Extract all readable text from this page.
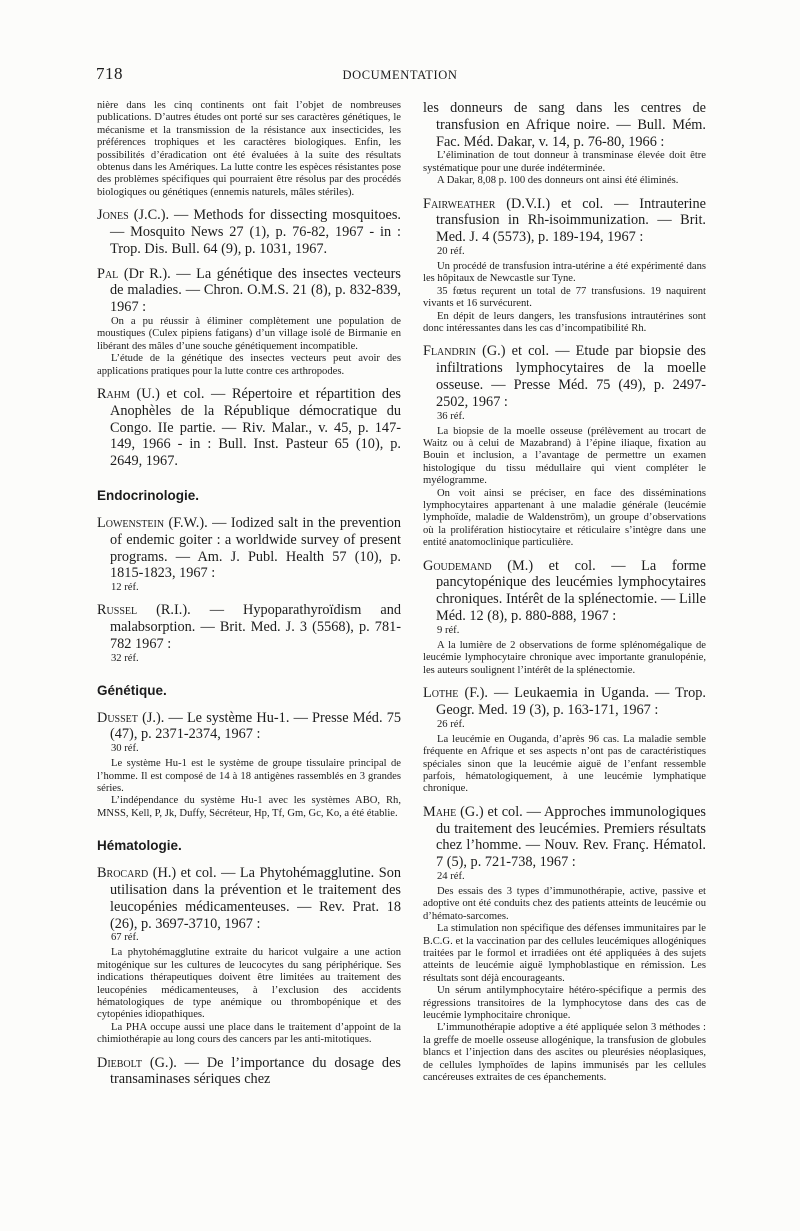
718	DOCUMENTATION

nière dans les cinq continents ont fait l’objet de nombreuses publications. D’autres études ont porté sur ses caractères génétiques, le mécanisme et la transmission de la résistance aux insecticides, les préférences trophiques et les caractères biologiques. Enfin, les possibilités d’éradication ont été évaluées à la suite des résultats obtenus dans les Amériques. La lutte contre les espèces résistantes pose des problèmes spécifiques qui pourraient être résolus par des procédés biologiques ou génétiques (ennemis naturels, mâles stériles).

Jones (J.C.). — Methods for dissecting mosquitoes. — Mosquito News 27 (1), p. 76-82, 1967 - in : Trop. Dis. Bull. 64 (9), p. 1031, 1967.

Pal (Dr R.). — La génétique des insectes vecteurs de maladies. — Chron. O.M.S. 21 (8), p. 832-839, 1967 :

On a pu réussir à éliminer complètement une population de moustiques (Culex pipiens fatigans) d’un village isolé de Birmanie en libérant des mâles d’une souche génétiquement incompatible.

L’étude de la génétique des insectes vecteurs peut avoir des applications pratiques pour la lutte contre ces arthropodes.

Rahm (U.) et col. — Répertoire et répartition des Anophèles de la République démocratique du Congo. IIe partie. — Riv. Malar., v. 45, p. 147-149, 1966 - in : Bull. Inst. Pasteur 65 (10), p. 2649, 1967.

Endocrinologie.

Lowenstein (F.W.). — Iodized salt in the prevention of endemic goiter : a worldwide survey of present programs. — Am. J. Publ. Health 57 (10), p. 1815-1823, 1967 :

12 réf.

Russel (R.I.). — Hypoparathyroïdism and malabsorption. — Brit. Med. J. 3 (5568), p. 781-782 1967 :

32 réf.
Génétique.

Dusset (J.). — Le système Hu-1. — Presse Méd. 75 (47), p. 2371-2374, 1967 :

30 réf.

Le système Hu-1 est le système de groupe tissulaire principal de l’homme. Il est composé de 14 à 18 antigènes rassemblés en 3 grandes séries.

L’indépendance du système Hu-1 avec les systèmes ABO, Rh, MNSS, Kell, P, Jk, Duffy, Sécréteur, Hp, Tf, Gm, Gc, Ko, a été établie.

Hématologie.

Brocard (H.) et col. — La Phytohémagglutine. Son utilisation dans la prévention et le traitement des leucopénies médicamenteuses. — Rev. Prat. 18 (26), p. 3697-3710, 1967 :

67 réf.

La phytohémagglutine extraite du haricot vulgaire a une action mitogénique sur les cultures de leucocytes du sang périphérique. Ses indications thérapeutiques doivent être limitées au traitement des leucopénies médicamenteuses, à l’exclusion des accidents hématologiques de type anémique ou thrombopénique et des cytopénies idiopathiques.

La PHA occupe aussi une place dans le traitement d’appoint de la chimiothérapie au long cours des cancers par les anti-mitotiques.

Diebolt (G.). — De l’importance du dosage des transaminases sériques chez

les donneurs de sang dans les centres de transfusion en Afrique noire. — Bull. Mém. Fac. Méd. Dakar, v. 14, p. 76-80, 1966 :

L’élimination de tout donneur à transminase élevée doit être systématique pour une durée indéterminée.

A Dakar, 8,08 p. 100 des donneurs ont ainsi été éliminés.

Fairweather (D.V.I.) et col. — Intrauterine transfusion in Rh-isoimmunization. — Brit. Med. J. 4 (5573), p. 189-194, 1967 :

20 réf.

Un procédé de transfusion intra-utérine a été expérimenté dans les hôpitaux de Newcastle sur Tyne.

35 fœtus reçurent un total de 77 transfusions. 19 naquirent vivants et 16 survécurent.

En dépit de leurs dangers, les transfusions intrautérines sont donc intéressantes dans les cas d’incompatibilité Rh.

Flandrin (G.) et col. — Etude par biopsie des infiltrations lymphocytaires de la moelle osseuse. — Presse Méd. 75 (49), p. 2497-2502, 1967 :

36 réf.

La biopsie de la moelle osseuse (prélèvement au trocart de Waitz ou à celui de Mazabrand) à l’épine iliaque, fixation au Bouin et inclusion, a l’avantage de permettre un examen histologique du tissu médullaire qui vient compléter le myélogramme.

On voit ainsi se préciser, en face des disséminations lymphocytaires appartenant à une maladie générale (leucémie lymphoïde, maladie de Waldenström), un groupe d’observations où la prolifération histiocytaire et réticulaire s’intègre dans une entité anatomoclinique particulière.

Goudemand (M.) et col. — La forme pancytopénique des leucémies lymphocytaires chroniques. Intérêt de la splénectomie. — Lille Méd. 12 (8), p. 880-888, 1967 :

9 réf.

A la lumière de 2 observations de forme splénomégalique de leucémie lymphocytaire chronique avec importante granulopénie, les auteurs soulignent l’intérêt de la splénectomie.

Lothe (F.). — Leukaemia in Uganda. — Trop. Geogr. Med. 19 (3), p. 163-171, 1967 :

26 réf.

La leucémie en Ouganda, d’après 96 cas. La maladie semble fréquente en Afrique et ses aspects n’ont pas de caractéristiques spéciales sinon que la leucémie aiguë de l’enfant ressemble parfois, hématologiquement, à une leucémie lymphatique chronique.

Mahe (G.) et col. — Approches immunologiques du traitement des leucémies. Premiers résultats chez l’homme. — Nouv. Rev. Franç. Hématol. 7 (5), p. 721-738, 1967 :

24 réf.

Des essais des 3 types d’immunothérapie, active, passive et adoptive ont été conduits chez des patients atteints de leucémie ou d’hémato-sarcomes.

La stimulation non spécifique des défenses immunitaires par le B.C.G. et la vaccination par des cellules leucémiques allogéniques traitées par le formol et irradiées ont été appliquées à des sujets atteints de leucémie aiguë lymphoblastique en rémission. Les résultats sont déjà encourageants.

Un sérum antilymphocytaire hétéro-spécifique a permis des régressions transitoires de la lymphocytose dans des cas de leucémie lymphocitaire chronique.

L’immunothérapie adoptive a été appliquée selon 3 méthodes : la greffe de moelle osseuse allogénique, la transfusion de globules blancs et l’injection dans des ascites ou pleurésies néoplasiques, de cellules lymphoïdes de lapins immunisés par les cellules cancéreuses extraites de ces épanchements.
